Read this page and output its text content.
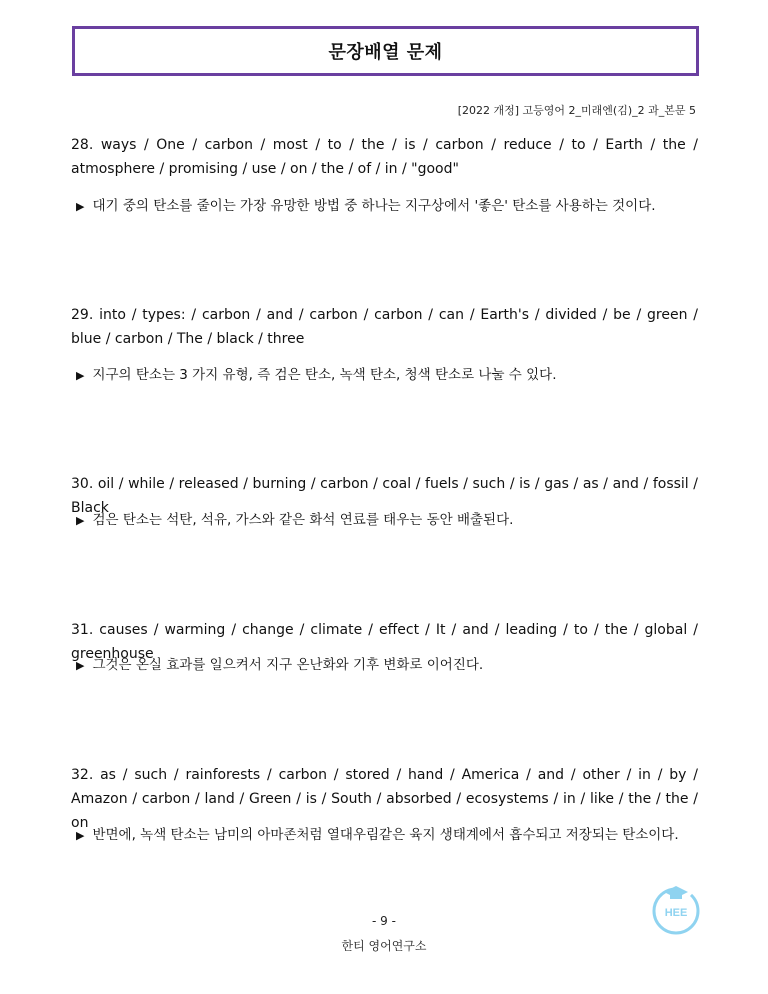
문장배열 문제
[2022 개정] 고등영어 2_미래엔(김)_2 과_본문 5
28. ways / One / carbon / most / to / the / is / carbon / reduce / to / Earth / the / atmosphere / promising / use / on / the / of / in / "good"
▶ 대기 중의 탄소를 줄이는 가장 유망한 방법 중 하나는 지구상에서 '좋은' 탄소를 사용하는 것이다.
29. into / types: / carbon / and / carbon / carbon / can / Earth's / divided / be / green / blue / carbon / The / black / three
▶ 지구의 탄소는 3 가지 유형, 즉 검은 탄소, 녹색 탄소, 청색 탄소로 나눌 수 있다.
30. oil / while / released / burning / carbon / coal / fuels / such / is / gas / as / and / fossil / Black
▶ 검은 탄소는 석탄, 석유, 가스와 같은 화석 연료를 태우는 동안 배출된다.
31. causes / warming / change / climate / effect / It / and / leading / to / the / global / greenhouse
▶ 그것은 온실 효과를 일으켜서 지구 온난화와 기후 변화로 이어진다.
32. as / such / rainforests / carbon / stored / hand / America / and / other / in / by / Amazon / carbon / land / Green / is / South / absorbed / ecosystems / in / like / the / the / on
▶ 반면에, 녹색 탄소는 남미의 아마존처럼 열대우림같은 육지 생태계에서 흡수되고 저장되는 탄소이다.
HEE
- 9 -
한티 영어연구소
